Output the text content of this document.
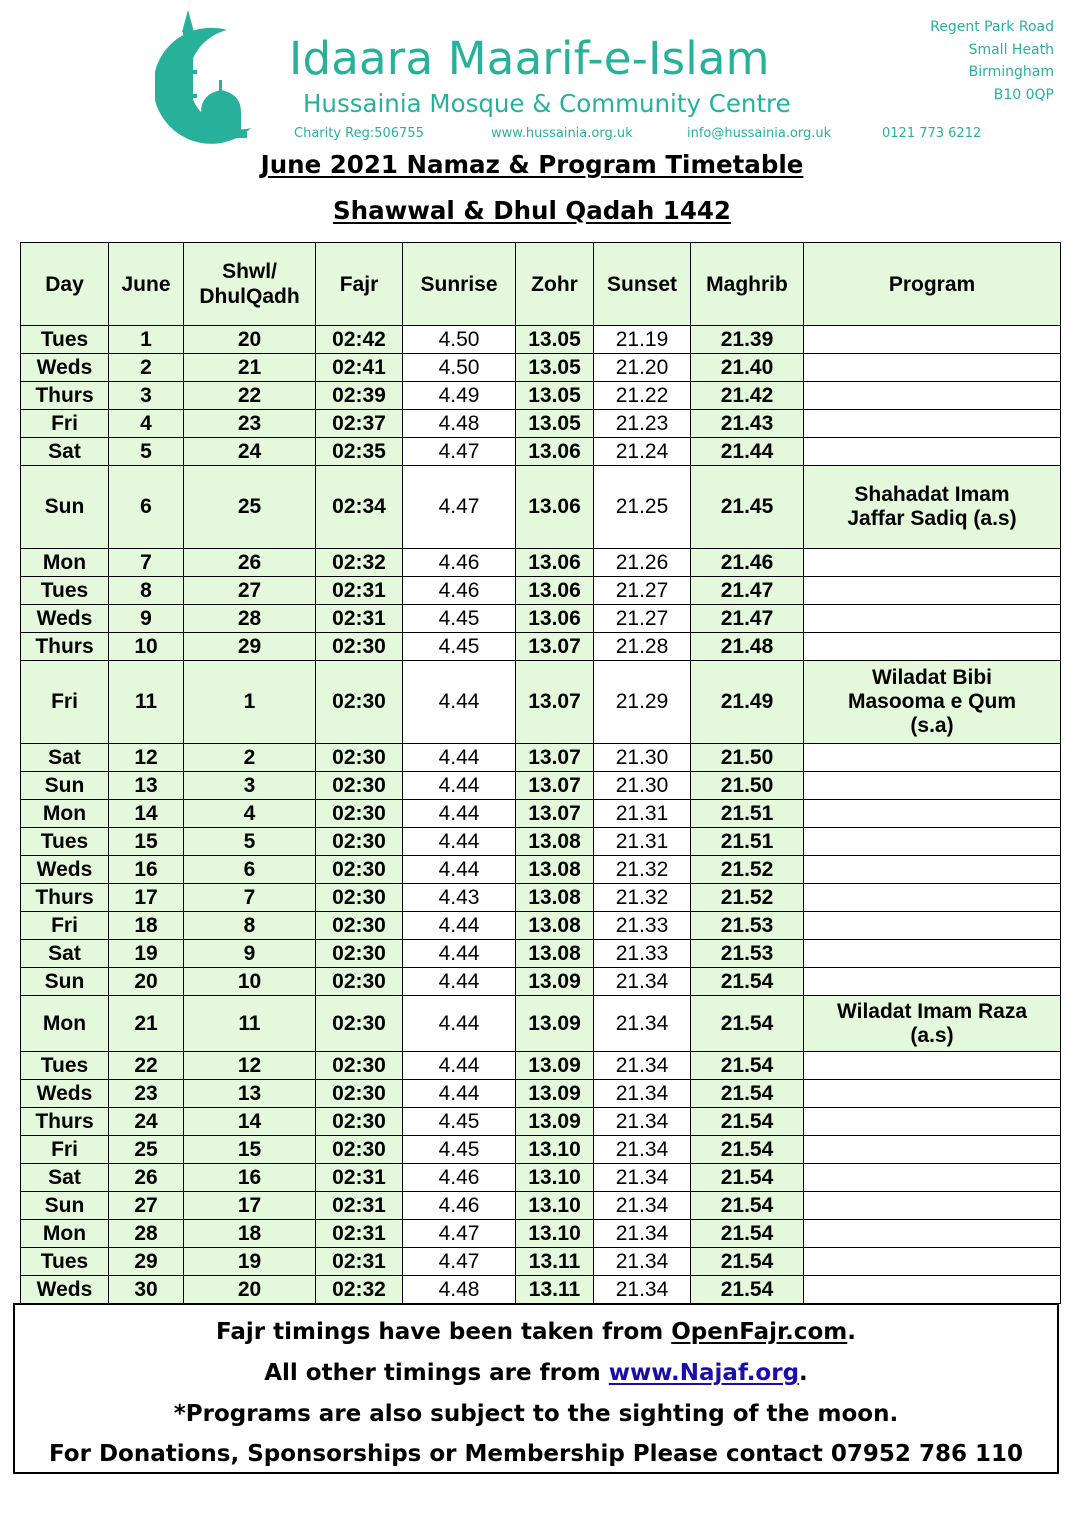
Idaara Maarif-e-Islam
Hussainia Mosque & Community Centre
Charity Reg:506755	www.hussainia.org.uk	info@hussainia.org.uk	0121 773 6212
Regent Park Road
Small Heath
Birmingham
B10 0QP
June 2021 Namaz & Program Timetable
Shawwal & Dhul Qadah 1442
Day	June	Shwl/ DhulQadh	Fajr	Sunrise	Zohr	Sunset	Maghrib	Program
Tues	1	20	02:42	4.50	13.05	21.19	21.39	
Weds	2	21	02:41	4.50	13.05	21.20	21.40	
Thurs	3	22	02:39	4.49	13.05	21.22	21.42	
Fri	4	23	02:37	4.48	13.05	21.23	21.43	
Sat	5	24	02:35	4.47	13.06	21.24	21.44	
Sun	6	25	02:34	4.47	13.06	21.25	21.45	Shahadat Imam Jaffar Sadiq (a.s)
Mon	7	26	02:32	4.46	13.06	21.26	21.46	
Tues	8	27	02:31	4.46	13.06	21.27	21.47	
Weds	9	28	02:31	4.45	13.06	21.27	21.47	
Thurs	10	29	02:30	4.45	13.07	21.28	21.48	
Fri	11	1	02:30	4.44	13.07	21.29	21.49	Wiladat Bibi Masooma e Qum (s.a)
Sat	12	2	02:30	4.44	13.07	21.30	21.50	
Sun	13	3	02:30	4.44	13.07	21.30	21.50	
Mon	14	4	02:30	4.44	13.07	21.31	21.51	
Tues	15	5	02:30	4.44	13.08	21.31	21.51	
Weds	16	6	02:30	4.44	13.08	21.32	21.52	
Thurs	17	7	02:30	4.43	13.08	21.32	21.52	
Fri	18	8	02:30	4.44	13.08	21.33	21.53	
Sat	19	9	02:30	4.44	13.08	21.33	21.53	
Sun	20	10	02:30	4.44	13.09	21.34	21.54	
Mon	21	11	02:30	4.44	13.09	21.34	21.54	Wiladat Imam Raza (a.s)
Tues	22	12	02:30	4.44	13.09	21.34	21.54	
Weds	23	13	02:30	4.44	13.09	21.34	21.54	
Thurs	24	14	02:30	4.45	13.09	21.34	21.54	
Fri	25	15	02:30	4.45	13.10	21.34	21.54	
Sat	26	16	02:31	4.46	13.10	21.34	21.54	
Sun	27	17	02:31	4.46	13.10	21.34	21.54	
Mon	28	18	02:31	4.47	13.10	21.34	21.54	
Tues	29	19	02:31	4.47	13.11	21.34	21.54	
Weds	30	20	02:32	4.48	13.11	21.34	21.54	
Fajr timings have been taken from OpenFajr.com.
All other timings are from www.Najaf.org.
*Programs are also subject to the sighting of the moon.
For Donations, Sponsorships or Membership Please contact 07952 786 110
